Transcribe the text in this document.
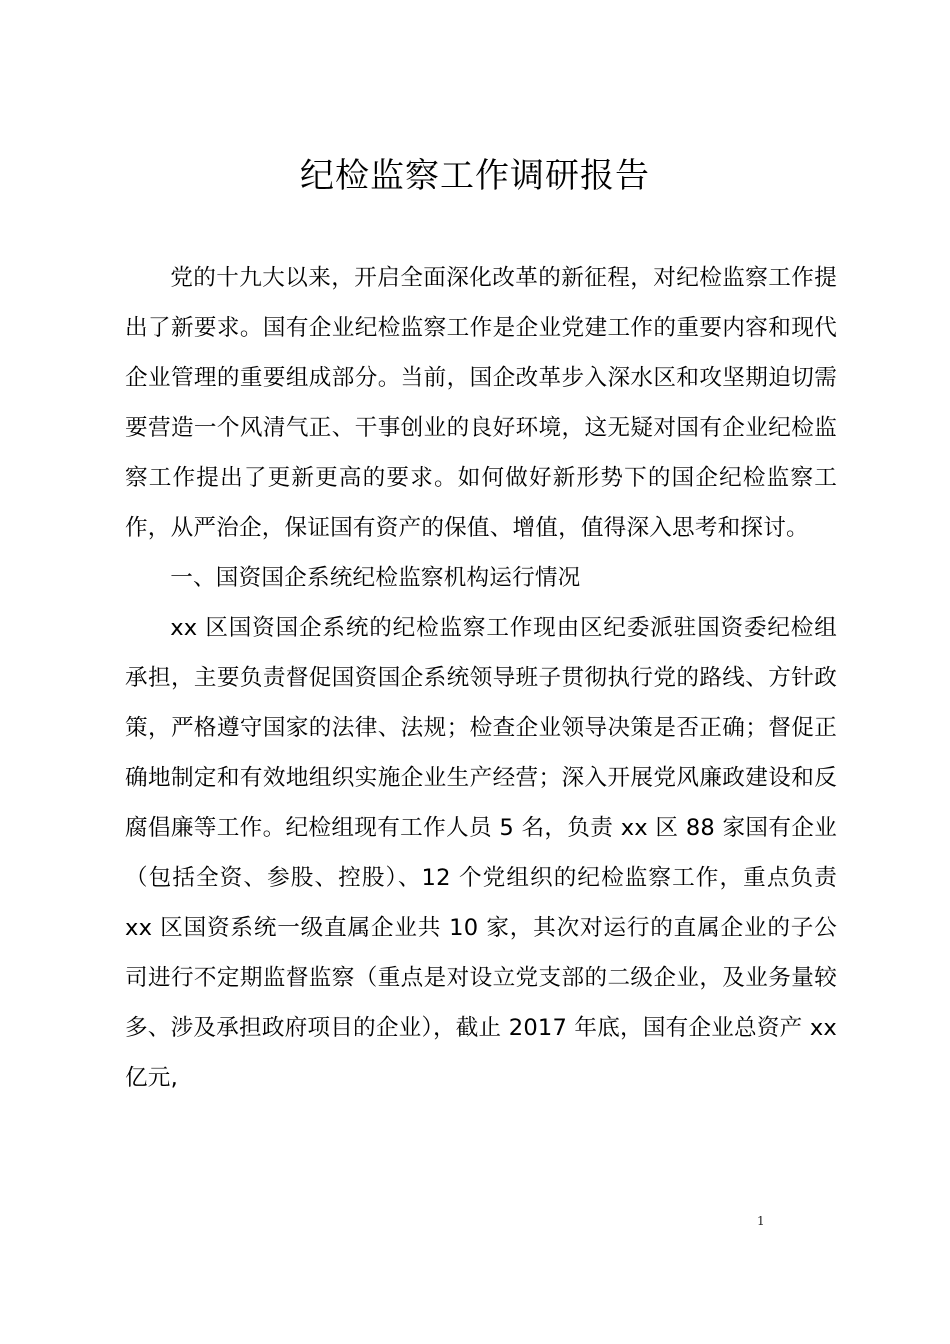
纪检监察工作调研报告

党的十九大以来，开启全面深化改革的新征程，对纪检监察工作提出了新要求。国有企业纪检监察工作是企业党建工作的重要内容和现代企业管理的重要组成部分。当前，国企改革步入深水区和攻坚期迫切需要营造一个风清气正、干事创业的良好环境，这无疑对国有企业纪检监察工作提出了更新更高的要求。如何做好新形势下的国企纪检监察工作，从严治企，保证国有资产的保值、增值，值得深入思考和探讨。

一、国资国企系统纪检监察机构运行情况

xx 区国资国企系统的纪检监察工作现由区纪委派驻国资委纪检组承担，主要负责督促国资国企系统领导班子贯彻执行党的路线、方针政策，严格遵守国家的法律、法规；检查企业领导决策是否正确；督促正确地制定和有效地组织实施企业生产经营；深入开展党风廉政建设和反腐倡廉等工作。纪检组现有工作人员 5 名，负责 xx 区 88 家国有企业（包括全资、参股、控股）、12 个党组织的纪检监察工作，重点负责 xx 区国资系统一级直属企业共 10 家，其次对运行的直属企业的子公司进行不定期监督监察（重点是对设立党支部的二级企业，及业务量较多、涉及承担政府项目的企业），截止 2017 年底，国有企业总资产 xx 亿元,

1
